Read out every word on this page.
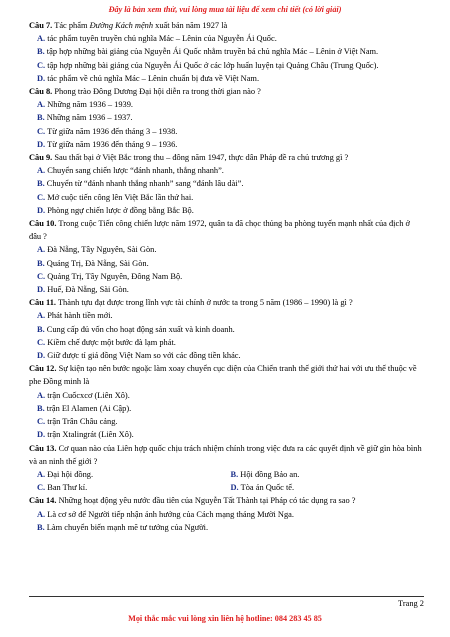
Đây là bản xem thử, vui lòng mua tài liệu để xem chi tiết (có lời giải)

Câu 7. Tác phẩm Đường Kách mệnh xuất bản năm 1927 là

A. tác phẩm tuyên truyền chủ nghĩa Mác – Lênin của Nguyễn Ái Quốc.

B. tập hợp những bài giảng của Nguyễn Ái Quốc nhằm truyền bá chủ nghĩa Mác – Lênin ở Việt Nam.

C. tập hợp những bài giảng của Nguyễn Ái Quốc ở các lớp huấn luyện tại Quảng Châu (Trung Quốc).

D. tác phẩm về chủ nghĩa Mác – Lênin chuẩn bị đưa về Việt Nam.

Câu 8. Phong trào Đông Dương Đại hội diễn ra trong thời gian nào ?

A. Những năm 1936 – 1939.

B. Những năm 1936 – 1937.

C. Từ giữa năm 1936 đến tháng 3 – 1938.

D. Từ giữa năm 1936 đến tháng 9 – 1936.

Câu 9. Sau thất bại ở Việt Bắc trong thu – đông năm 1947, thực dân Pháp đề ra chủ trương gì ?

A. Chuyển sang chiến lược “đánh nhanh, thắng nhanh”.

B. Chuyển từ “đánh nhanh thắng nhanh” sang “đánh lâu dài”.

C. Mở cuộc tiến công lên Việt Bắc lần thứ hai.

D. Phòng ngự chiến lược ở đồng bằng Bắc Bộ.

Câu 10. Trong cuộc Tiến công chiến lược năm 1972, quân ta đã chọc thủng ba phòng tuyến mạnh nhất của địch ở đâu ?

A. Đà Nẵng, Tây Nguyên, Sài Gòn.

B. Quảng Trị, Đà Nẵng, Sài Gòn.

C. Quảng Trị, Tây Nguyên, Đông Nam Bộ.

D. Huế, Đà Nẵng, Sài Gòn.

Câu 11. Thành tựu đạt được trong lĩnh vực tài chính ở nước ta trong 5 năm (1986 – 1990) là gì ?

A. Phát hành tiền mới.

B. Cung cấp đủ vốn cho hoạt động sản xuất và kinh doanh.

C. Kiềm chế được một bước đà lạm phát.

D. Giữ được tỉ giá đồng Việt Nam so với các đồng tiền khác.

Câu 12. Sự kiện tạo nên bước ngoặc làm xoay chuyển cục diện của Chiến tranh thế giới thứ hai với ưu thế thuộc về phe Đồng minh là

A. trận Cuốcxcơ (Liên Xô).

B. trận El Alamen (Ai Cập).

C. trận Trân Châu cảng.

D. trận Xtalingrát (Liên Xô).

Câu 13. Cơ quan nào của Liên hợp quốc chịu trách nhiệm chính trong việc đưa ra các quyết định về giữ gìn hòa bình và an ninh thế giới ?

A. Đại hội đồng.	B. Hội đồng Bảo an.
C. Ban Thư kí.	D. Tòa án Quốc tế.

Câu 14. Những hoạt động yêu nước đầu tiên của Nguyễn Tất Thành tại Pháp có tác dụng ra sao ?

A. Là cơ sở để Người tiếp nhận ảnh hưởng của Cách mạng tháng Mười Nga.

B. Làm chuyển biến mạnh mẽ tư tưởng của Người.

Trang 2
Mọi thắc mắc vui lòng xin liên hệ hotline: 084 283 45 85
